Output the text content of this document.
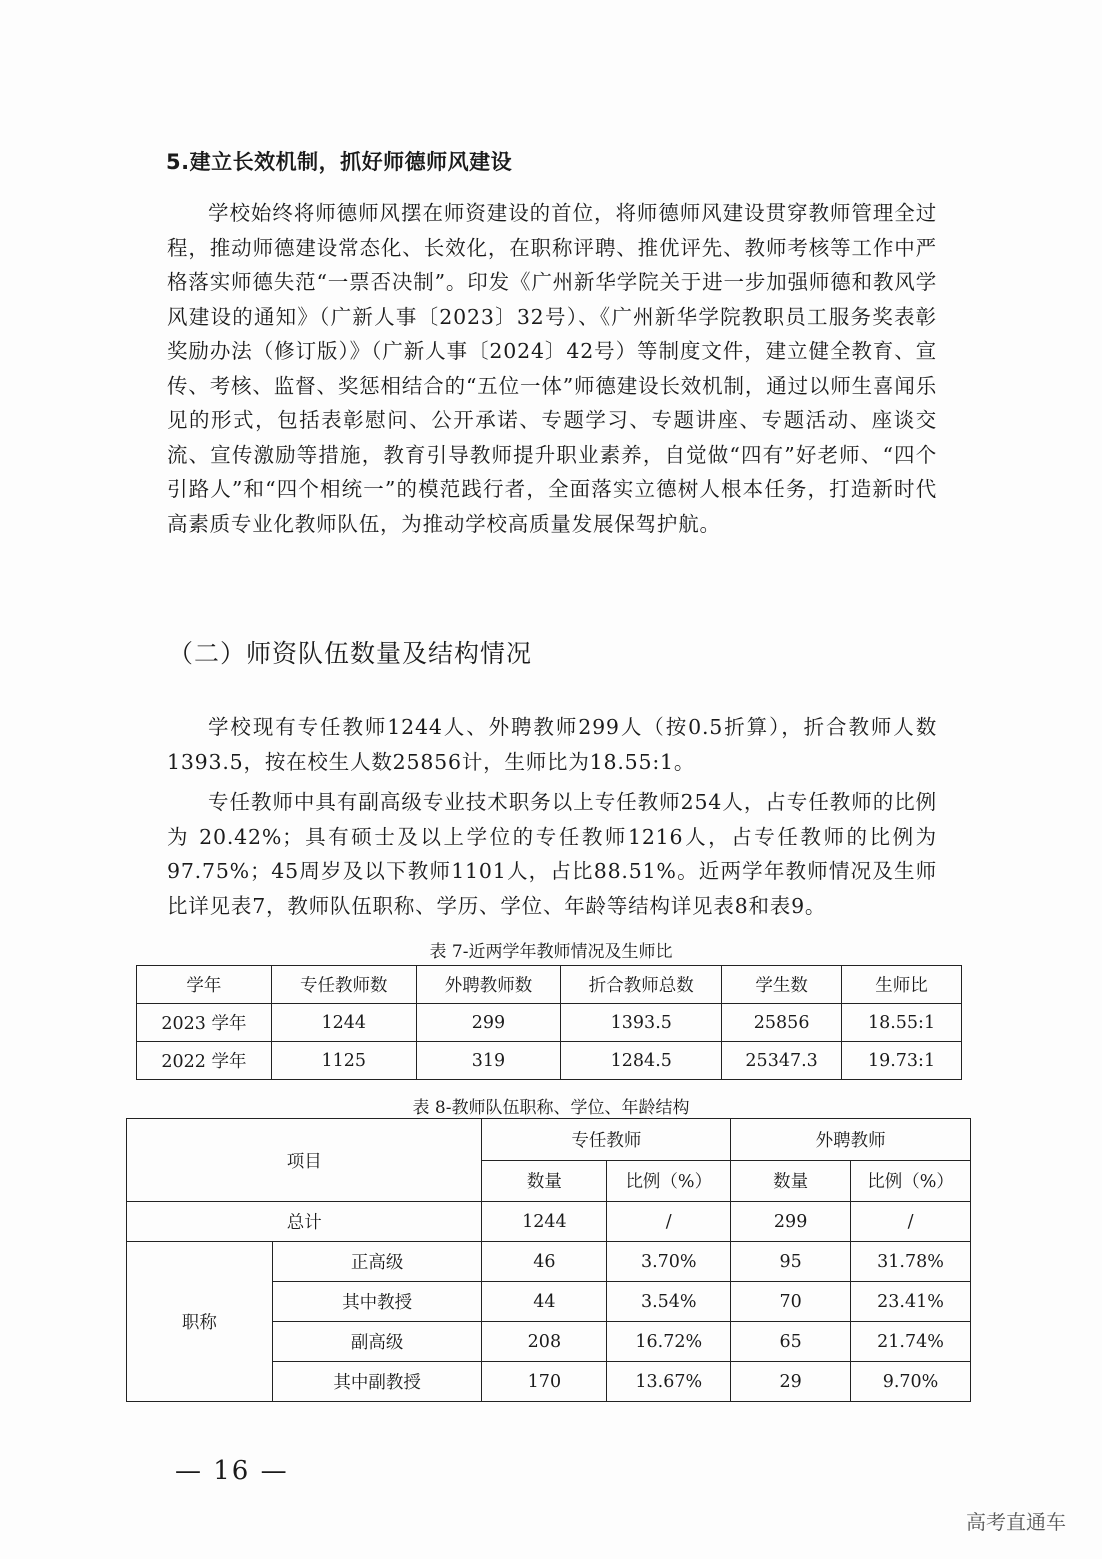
5.建立长效机制，抓好师德师风建设

学校始终将师德师风摆在师资建设的首位，将师德师风建设贯穿教师管理全过程，推动师德建设常态化、长效化，在职称评聘、推优评先、教师考核等工作中严格落实师德失范“一票否决制”。印发《广州新华学院关于进一步加强师德和教风学风建设的通知》（广新人事〔2023〕32号）、《广州新华学院教职员工服务奖表彰奖励办法（修订版）》（广新人事〔2024〕42号）等制度文件，建立健全教育、宣传、考核、监督、奖惩相结合的“五位一体”师德建设长效机制，通过以师生喜闻乐见的形式，包括表彰慰问、公开承诺、专题学习、专题讲座、专题活动、座谈交流、宣传激励等措施，教育引导教师提升职业素养，自觉做“四有”好老师、“四个引路人”和“四个相统一”的模范践行者，全面落实立德树人根本任务，打造新时代高素质专业化教师队伍，为推动学校高质量发展保驾护航。

（二）师资队伍数量及结构情况

学校现有专任教师1244人、外聘教师299人（按0.5折算），折合教师人数1393.5，按在校生人数25856计，生师比为18.55:1。

专任教师中具有副高级专业技术职务以上专任教师254人，占专任教师的比例为 20.42%；具有硕士及以上学位的专任教师1216人，占专任教师的比例为97.75%；45周岁及以下教师1101人，占比88.51%。近两学年教师情况及生师比详见表7，教师队伍职称、学历、学位、年龄等结构详见表8和表9。

表 7-近两学年教师情况及生师比
学年	专任教师数	外聘教师数	折合教师总数	学生数	生师比
2023 学年	1244	299	1393.5	25856	18.55:1
2022 学年	1125	319	1284.5	25347.3	19.73:1
表 8-教师队伍职称、学位、年龄结构
项目		专任教师		外聘教师	
		数量	比例（%）	数量	比例（%）
总计		1244	/	299	/
职称	正高级	46	3.70%	95	31.78%
	其中教授	44	3.54%	70	23.41%
	副高级	208	16.72%	65	21.74%
	其中副教授	170	13.67%	29	9.70%
— 16 —
高考直通车
